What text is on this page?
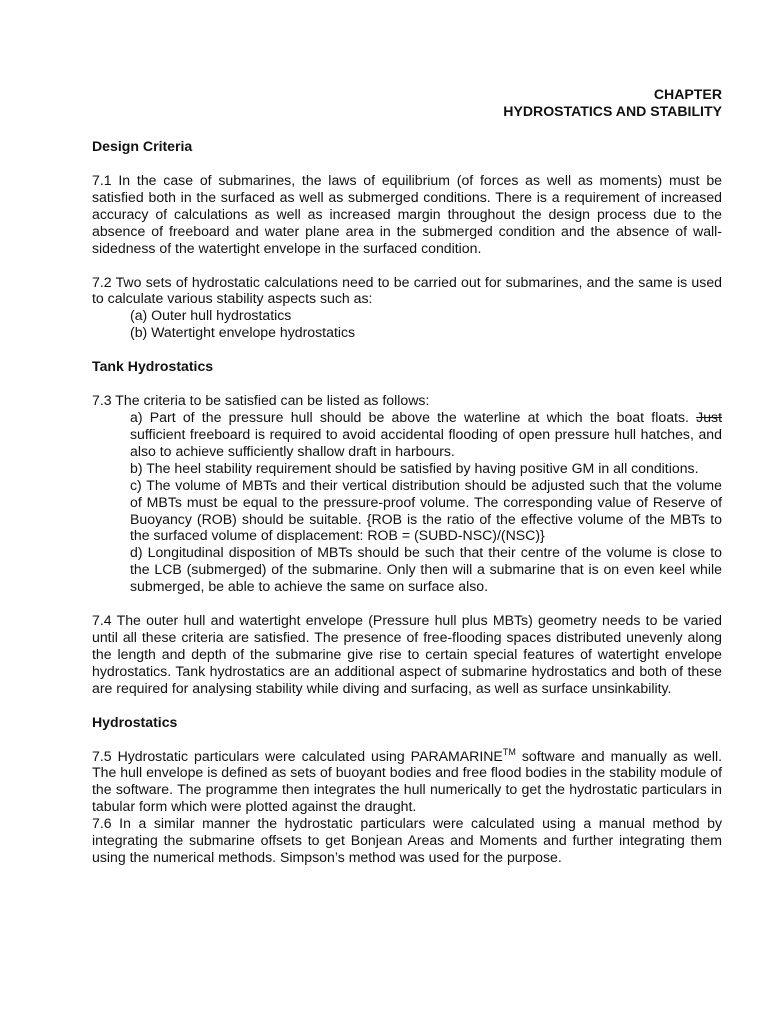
CHAPTER
HYDROSTATICS AND STABILITY
Design Criteria

7.1 In the case of submarines, the laws of equilibrium (of forces as well as moments) must be satisfied both in the surfaced as well as submerged conditions. There is a requirement of increased accuracy of calculations as well as increased margin throughout the design process due to the absence of freeboard and water plane area in the submerged condition and the absence of wall-sidedness of the watertight envelope in the surfaced condition.

7.2 Two sets of hydrostatic calculations need to be carried out for submarines, and the same is used to calculate various stability aspects such as:

(a) Outer hull hydrostatics
(b) Watertight envelope hydrostatics
Tank Hydrostatics

7.3 The criteria to be satisfied can be listed as follows:

a) Part of the pressure hull should be above the waterline at which the boat floats. Just sufficient freeboard is required to avoid accidental flooding of open pressure hull hatches, and also to achieve sufficiently shallow draft in harbours.
b) The heel stability requirement should be satisfied by having positive GM in all conditions.
c) The volume of MBTs and their vertical distribution should be adjusted such that the volume of MBTs must be equal to the pressure-proof volume. The corresponding value of Reserve of Buoyancy (ROB) should be suitable. {ROB is the ratio of the effective volume of the MBTs to the surfaced volume of displacement: ROB = (SUBD-NSC)/(NSC)}
d) Longitudinal disposition of MBTs should be such that their centre of the volume is close to the LCB (submerged) of the submarine. Only then will a submarine that is on even keel while submerged, be able to achieve the same on surface also.

7.4 The outer hull and watertight envelope (Pressure hull plus MBTs) geometry needs to be varied until all these criteria are satisfied. The presence of free-flooding spaces distributed unevenly along the length and depth of the submarine give rise to certain special features of watertight envelope hydrostatics. Tank hydrostatics are an additional aspect of submarine hydrostatics and both of these are required for analysing stability while diving and surfacing, as well as surface unsinkability.

Hydrostatics

7.5 Hydrostatic particulars were calculated using PARAMARINE™ software and manually as well. The hull envelope is defined as sets of buoyant bodies and free flood bodies in the stability module of the software. The programme then integrates the hull numerically to get the hydrostatic particulars in tabular form which were plotted against the draught.

7.6 In a similar manner the hydrostatic particulars were calculated using a manual method by integrating the submarine offsets to get Bonjean Areas and Moments and further integrating them using the numerical methods. Simpson’s method was used for the purpose.
